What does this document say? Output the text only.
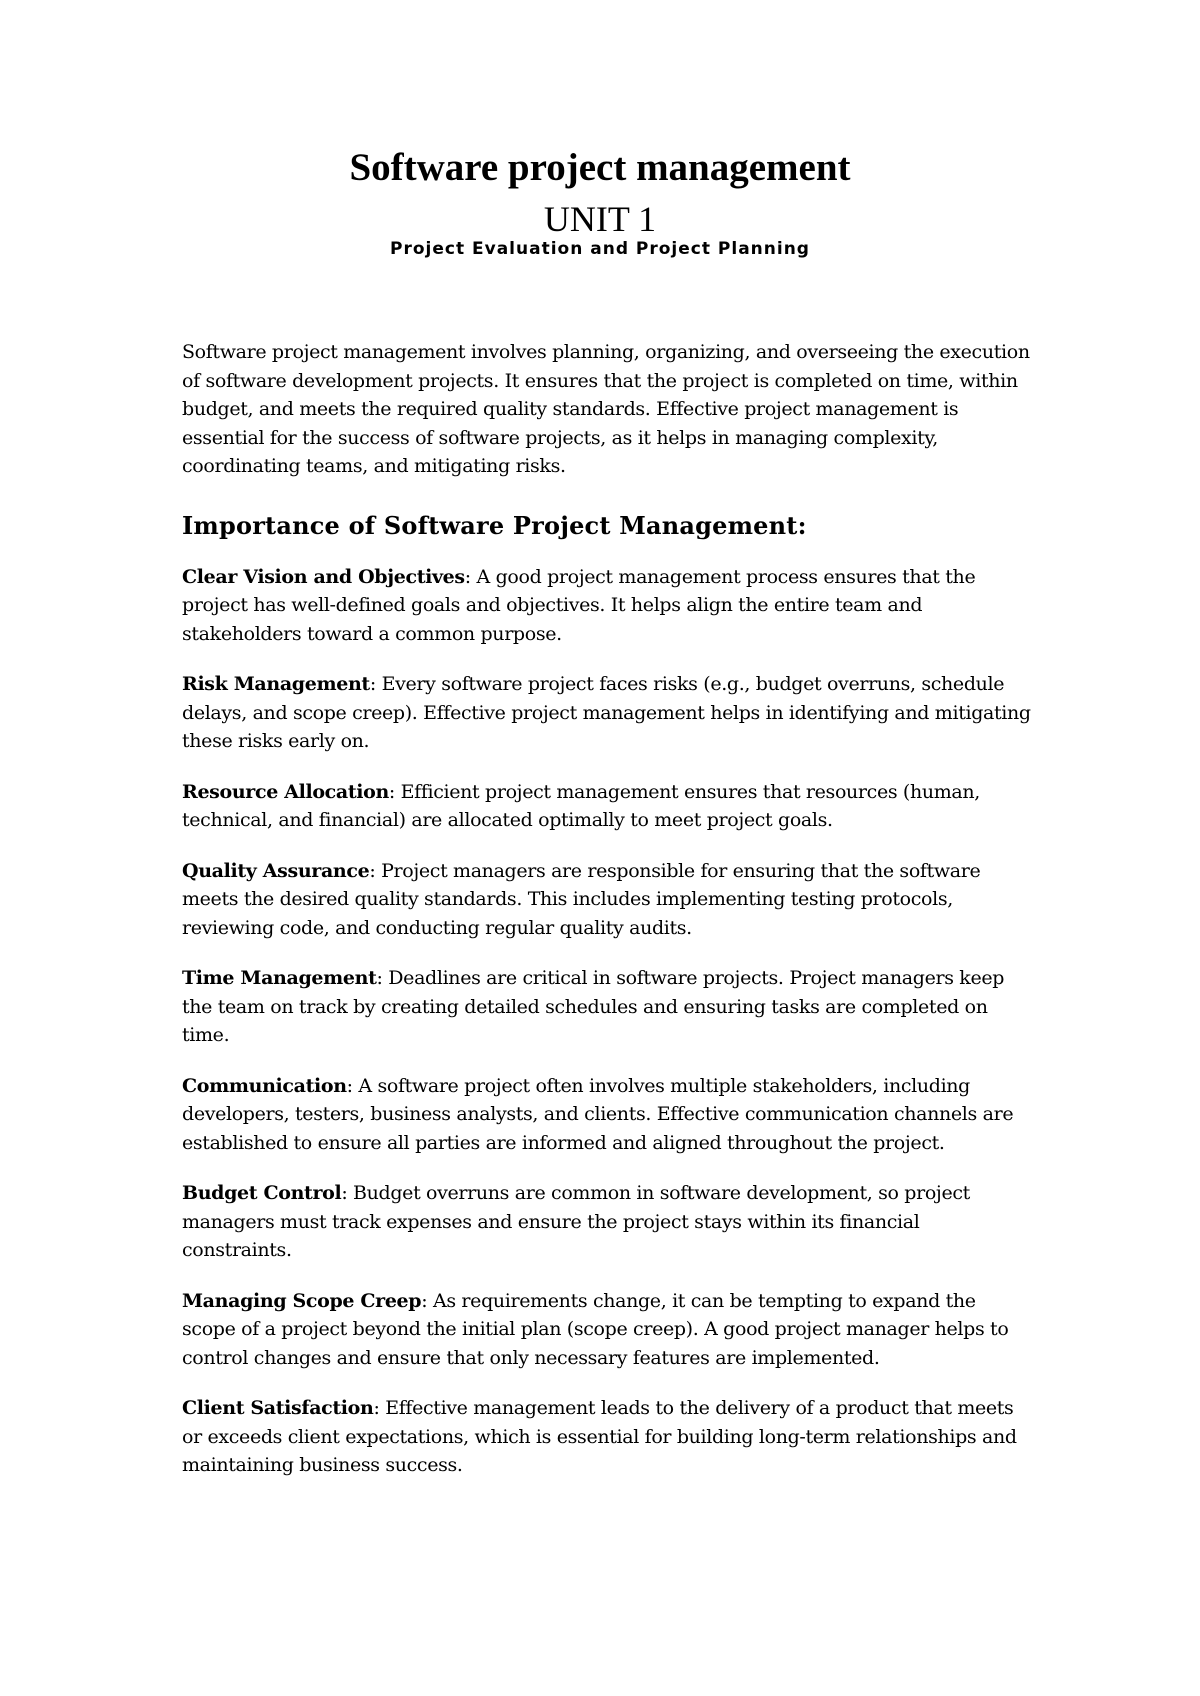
Software project management
UNIT 1
Project Evaluation and Project Planning

Software project management involves planning, organizing, and overseeing the execution of software development projects. It ensures that the project is completed on time, within budget, and meets the required quality standards. Effective project management is essential for the success of software projects, as it helps in managing complexity, coordinating teams, and mitigating risks.

Importance of Software Project Management:

Clear Vision and Objectives: A good project management process ensures that the project has well-defined goals and objectives. It helps align the entire team and stakeholders toward a common purpose.

Risk Management: Every software project faces risks (e.g., budget overruns, schedule delays, and scope creep). Effective project management helps in identifying and mitigating these risks early on.

Resource Allocation: Efficient project management ensures that resources (human, technical, and financial) are allocated optimally to meet project goals.

Quality Assurance: Project managers are responsible for ensuring that the software meets the desired quality standards. This includes implementing testing protocols, reviewing code, and conducting regular quality audits.

Time Management: Deadlines are critical in software projects. Project managers keep the team on track by creating detailed schedules and ensuring tasks are completed on time.

Communication: A software project often involves multiple stakeholders, including developers, testers, business analysts, and clients. Effective communication channels are established to ensure all parties are informed and aligned throughout the project.

Budget Control: Budget overruns are common in software development, so project managers must track expenses and ensure the project stays within its financial constraints.

Managing Scope Creep: As requirements change, it can be tempting to expand the scope of a project beyond the initial plan (scope creep). A good project manager helps to control changes and ensure that only necessary features are implemented.

Client Satisfaction: Effective management leads to the delivery of a product that meets or exceeds client expectations, which is essential for building long-term relationships and maintaining business success.
